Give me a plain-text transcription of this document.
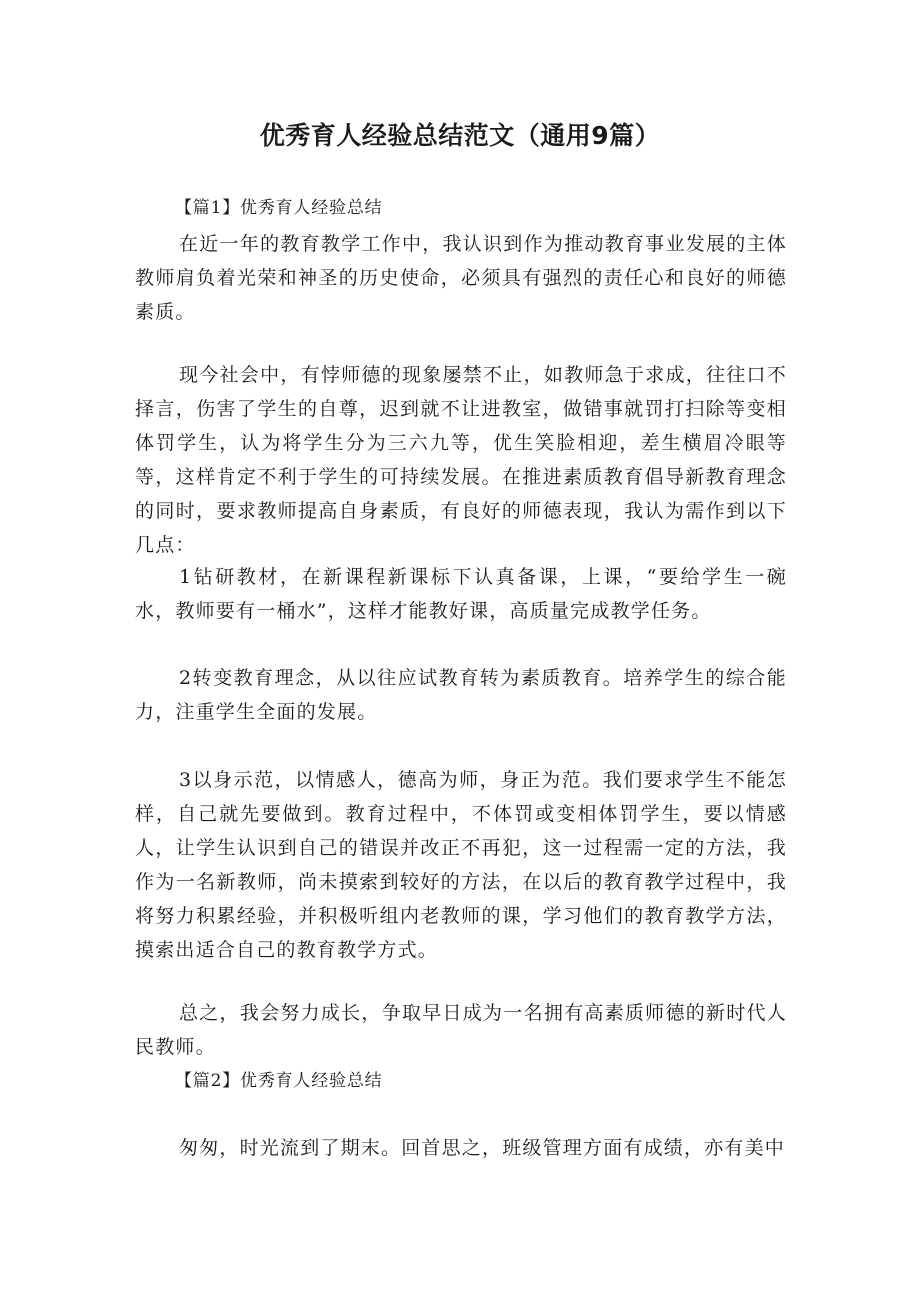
优秀育人经验总结范文（通用9篇）

【篇1】优秀育人经验总结

在近一年的教育教学工作中，我认识到作为推动教育事业发展的主体教师肩负着光荣和神圣的历史使命，必须具有强烈的责任心和良好的师德素质。

现今社会中，有悖师德的现象屡禁不止，如教师急于求成，往往口不择言，伤害了学生的自尊，迟到就不让进教室，做错事就罚打扫除等变相体罚学生，认为将学生分为三六九等，优生笑脸相迎，差生横眉冷眼等等，这样肯定不利于学生的可持续发展。在推进素质教育倡导新教育理念的同时，要求教师提高自身素质，有良好的师德表现，我认为需作到以下几点：

1钻研教材，在新课程新课标下认真备课，上课，“要给学生一碗水，教师要有一桶水”，这样才能教好课，高质量完成教学任务。

2转变教育理念，从以往应试教育转为素质教育。培养学生的综合能力，注重学生全面的发展。

3以身示范，以情感人，德高为师，身正为范。我们要求学生不能怎样，自己就先要做到。教育过程中，不体罚或变相体罚学生，要以情感人，让学生认识到自己的错误并改正不再犯，这一过程需一定的方法，我作为一名新教师，尚未摸索到较好的方法，在以后的教育教学过程中，我将努力积累经验，并积极听组内老教师的课，学习他们的教育教学方法，摸索出适合自己的教育教学方式。

总之，我会努力成长，争取早日成为一名拥有高素质师德的新时代人民教师。

【篇2】优秀育人经验总结

匆匆，时光流到了期末。回首思之，班级管理方面有成绩，亦有美中
